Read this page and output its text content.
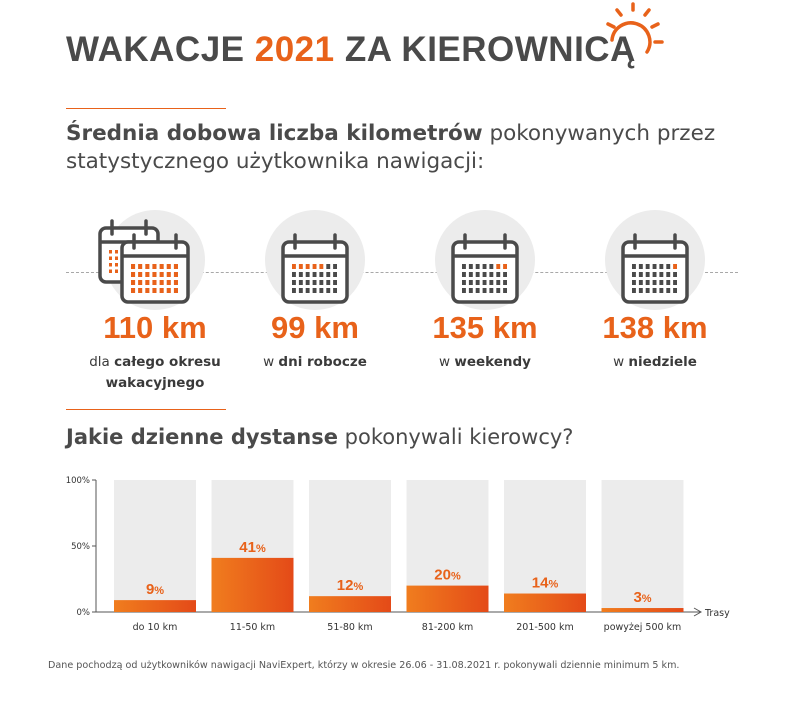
WAKACJE 2021 ZA KIEROWNICĄ

Średnia dobowa liczba kilometrów pokonywanych przez statystycznego użytkownika nawigacji:

110 km
dla całego okresu wakacyjnego
99 km
w dni robocze
135 km
w weekendy
138 km
w niedziele

Jakie dzienne dystanse pokonywali kierowcy?

100%
50%
0%	Trasy
9%
do 10 km
41%
11-50 km
12%
51-80 km
20%
81-200 km
14%
201-500 km
3%
powyżej 500 km

Dane pochodzą od użytkowników nawigacji NaviExpert, którzy w okresie 26.06 - 31.08.2021 r. pokonywali dziennie minimum 5 km.
